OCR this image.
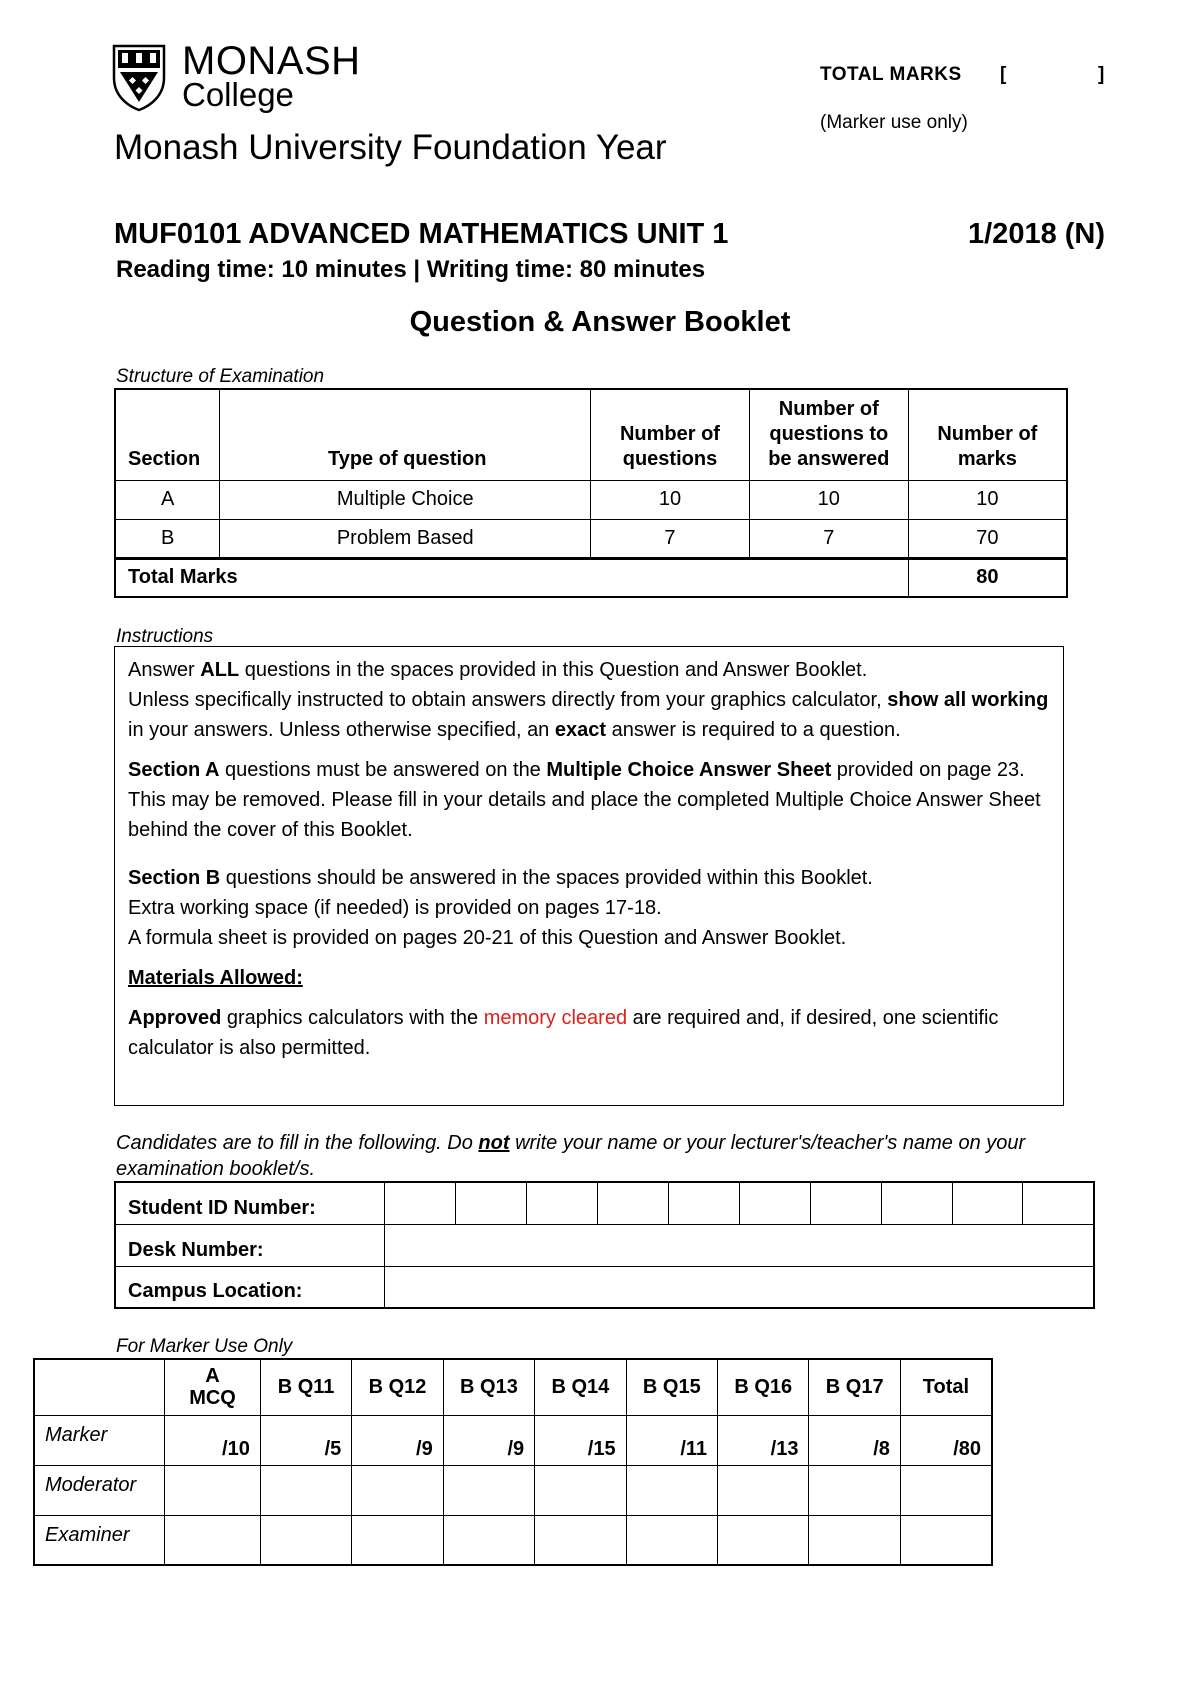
MONASH
College
TOTAL MARKS [	]
(Marker use only)
Monash University Foundation Year
MUF0101 ADVANCED MATHEMATICS UNIT 1	1/2018 (N)
Reading time: 10 minutes | Writing time: 80 minutes
Question & Answer Booklet
Structure of Examination
Section	Type of question	Number of questions	Number of questions to be answered	Number of marks
A	Multiple Choice	10	10	10
B	Problem Based	7	7	70
Total Marks				80
Instructions

Answer ALL questions in the spaces provided in this Question and Answer Booklet.

Unless specifically instructed to obtain answers directly from your graphics calculator, show all working in your answers. Unless otherwise specified, an exact answer is required to a question.

Section A questions must be answered on the Multiple Choice Answer Sheet provided on page 23. This may be removed. Please fill in your details and place the completed Multiple Choice Answer Sheet behind the cover of this Booklet.

Section B questions should be answered in the spaces provided within this Booklet.

Extra working space (if needed) is provided on pages 17-18.

A formula sheet is provided on pages 20-21 of this Question and Answer Booklet.

Materials Allowed:

Approved graphics calculators with the memory cleared are required and, if desired, one scientific calculator is also permitted.

Candidates are to fill in the following. Do not write your name or your lecturer's/teacher's name on your examination booklet/s.
Student ID Number:										
Desk Number:										
Campus Location:										
For Marker Use Only
	A MCQ	B Q11	B Q12	B Q13	B Q14	B Q15	B Q16	B Q17	Total
Marker	/10	/5	/9	/9	/15	/11	/13	/8	/80
Moderator									
Examiner									
